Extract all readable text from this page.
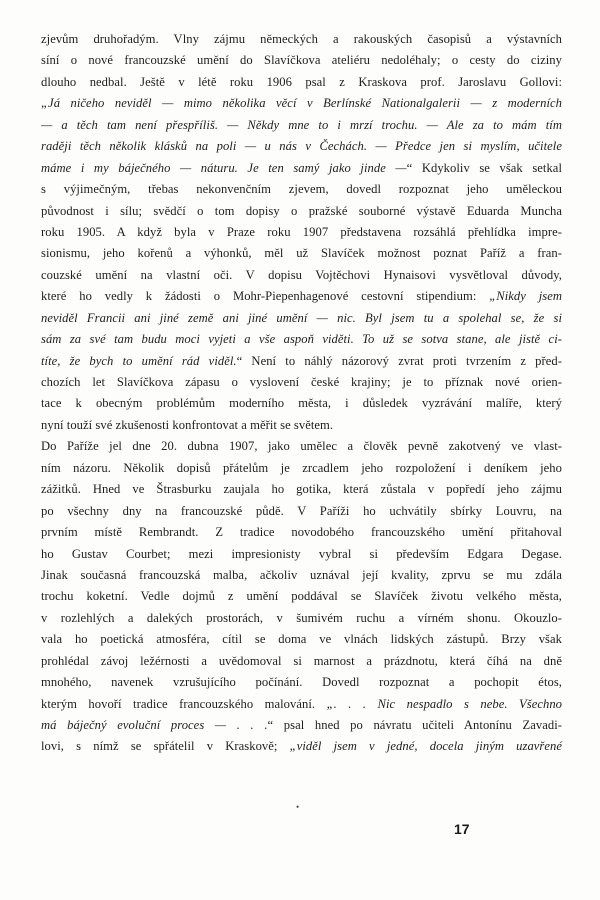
zjevům druhořadým. Vlny zájmu německých a rakouských časopisů a výstavních
síní o nové francouzské umění do Slavíčkova ateliéru nedoléhaly; o cesty do ciziny
dlouho nedbal. Ještě v létě roku 1906 psal z Kraskova prof. Jaroslavu Gollovi:
„Já ničeho neviděl — mimo několika věcí v Berlínské Nationalgalerii — z moderních
— a těch tam není přespříliš. — Někdy mne to i mrzí trochu. — Ale za to mám tím
raději těch několik klásků na poli — u nás v Čechách. — Předce jen si myslím, učitele
máme i my báječného — náturu. Je ten samý jako jinde —“ Kdykoliv se však setkal
s výjimečným, třebas nekonvenčním zjevem, dovedl rozpoznat jeho uměleckou
původnost i sílu; svědčí o tom dopisy o pražské souborné výstavě Eduarda Muncha
roku 1905. A když byla v Praze roku 1907 představena rozsáhlá přehlídka impre-
sionismu, jeho kořenů a výhonků, měl už Slavíček možnost poznat Paříž a fran-
couzské umění na vlastní oči. V dopisu Vojtěchovi Hynaisovi vysvětloval důvody,
které ho vedly k žádosti o Mohr-Piepenhagenové cestovní stipendium: „Nikdy jsem
neviděl Francii ani jiné země ani jiné umění — nic. Byl jsem tu a spolehal se, že si
sám za své tam budu moci vyjeti a vše aspoň viděti. To už se sotva stane, ale jistě ci-
títe, že bych to umění rád viděl.“ Není to náhlý názorový zvrat proti tvrzením z před-
chozích let Slavíčkova zápasu o vyslovení české krajiny; je to příznak nové orien-
tace k obecným problémům moderního města, i důsledek vyzrávání malíře, který
nyní touží své zkušenosti konfrontovat a měřit se světem.
Do Paříže jel dne 20. dubna 1907, jako umělec a člověk pevně zakotvený ve vlast-
ním názoru. Několik dopisů přátelům je zrcadlem jeho rozpoložení i deníkem jeho
zážitků. Hned ve Štrasburku zaujala ho gotika, která zůstala v popředí jeho zájmu
po všechny dny na francouzské půdě. V Paříži ho uchvátily sbírky Louvru, na
prvním místě Rembrandt. Z tradice novodobého francouzského umění přitahoval
ho Gustav Courbet; mezi impresionisty vybral si především Edgara Degase.
Jinak současná francouzská malba, ačkoliv uznával její kvality, zprvu se mu zdála
trochu koketní. Vedle dojmů z umění poddával se Slavíček životu velkého města,
v rozlehlých a dalekých prostorách, v šumivém ruchu a vírném shonu. Okouzlo-
vala ho poetická atmosféra, cítil se doma ve vlnách lidských zástupů. Brzy však
prohlédal závoj ležérnosti a uvědomoval si marnost a prázdnotu, která číhá na dně
mnohého, navenek vzrušujícího počínání. Dovedl rozpoznat a pochopit étos,
kterým hovoří tradice francouzského malování. „. . . Nic nespadlo s nebe. Všechno
má báječný evoluční proces — . . .“ psal hned po návratu učiteli Antonínu Zavadi-
lovi, s nímž se spřátelil v Kraskově; „viděl jsem v jedné, docela jiným uzavřené
•
17
